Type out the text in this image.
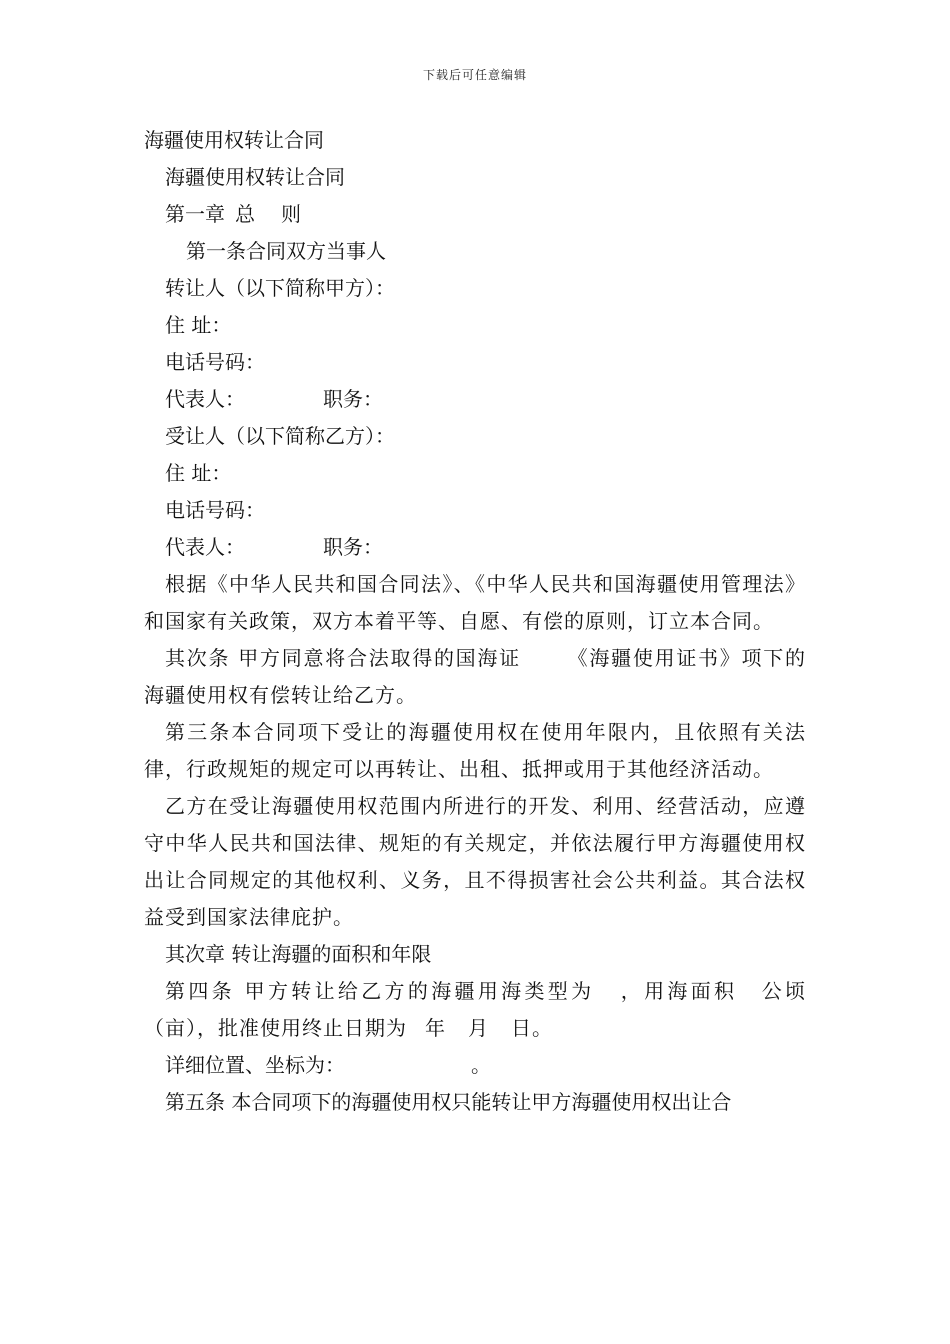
下载后可任意编辑

海疆使用权转让合同

海疆使用权转让合同

第一章 总 则

第一条合同双方当事人

转让人（以下简称甲方）：

住 址：

电话号码：

代表人：	职务：

受让人（以下简称乙方）：

住 址：

电话号码：

代表人：	职务：

根据《中华人民共和国合同法》、《中华人民共和国海疆使用管理法》和国家有关政策，双方本着平等、自愿、有偿的原则，订立本合同。

其次条 甲方同意将合法取得的国海证 《海疆使用证书》项下的海疆使用权有偿转让给乙方。

第三条本合同项下受让的海疆使用权在使用年限内，且依照有关法律，行政规矩的规定可以再转让、出租、抵押或用于其他经济活动。

乙方在受让海疆使用权范围内所进行的开发、利用、经营活动，应遵守中华人民共和国法律、规矩的有关规定，并依法履行甲方海疆使用权出让合同规定的其他权利、义务，且不得损害社会公共利益。其合法权益受到国家法律庇护。

其次章 转让海疆的面积和年限

第四条 甲方转让给乙方的海疆用海类型为 ，用海面积 公顷（亩），批准使用终止日期为 年 月 日。

详细位置、坐标为：	。

第五条 本合同项下的海疆使用权只能转让甲方海疆使用权出让合
